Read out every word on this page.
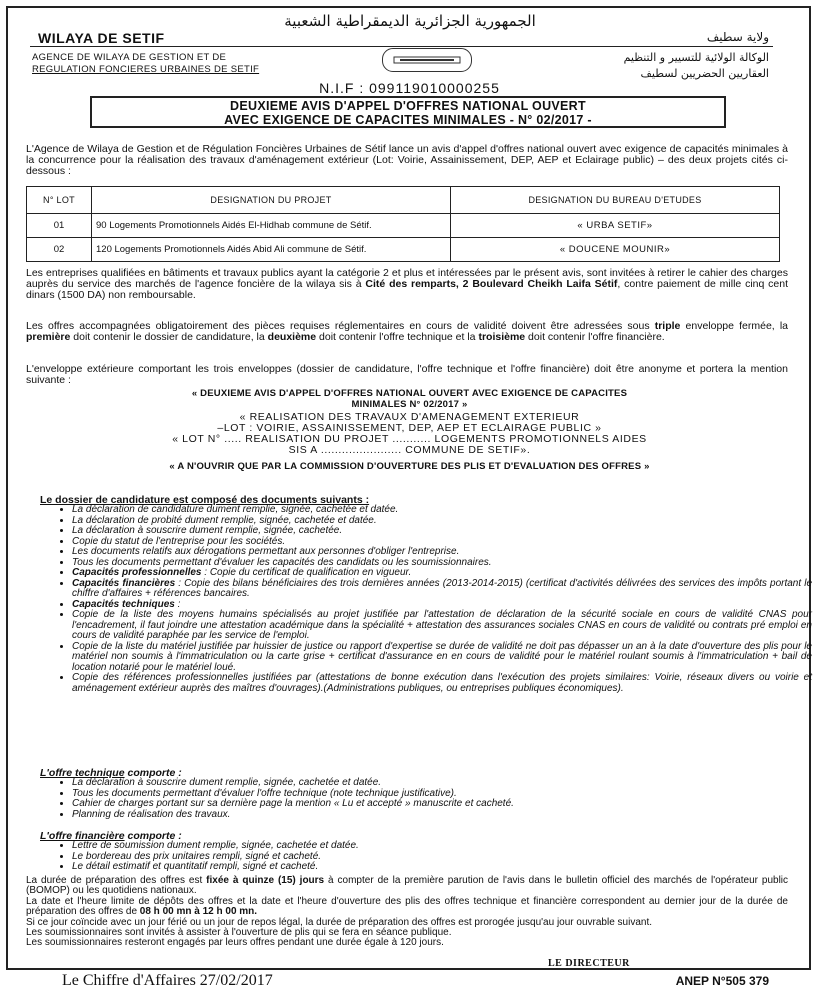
الجمهورية الجزائرية الديمقراطية الشعبية
WILAYA DE SETIF	ولاية سطيف
AGENCE DE WILAYA DE GESTION ET DE
REGULATION FONCIERES URBAINES DE SETIF
الوكالة الولائية للتسيير و التنظيم
العقاريين الحضريين لسطيف
N.I.F : 099119010000255
DEUXIEME AVIS D'APPEL D'OFFRES NATIONAL OUVERT
AVEC EXIGENCE DE CAPACITES MINIMALES - N° 02/2017 -
L'Agence de Wilaya de Gestion et de Régulation Foncières Urbaines de Sétif lance un avis d'appel d'offres national ouvert avec exigence de capacités minimales à la concurrence pour la réalisation des travaux d'aménagement extérieur (Lot: Voirie, Assainissement, DEP, AEP et Eclairage public) – des deux projets cités ci-dessous :
N° LOT	DESIGNATION DU PROJET	DESIGNATION DU BUREAU D'ETUDES
01	90 Logements Promotionnels Aidés El-Hidhab commune de Sétif.	« URBA SETIF»
02	120 Logements Promotionnels Aidés Abid Ali commune de Sétif.	« DOUCENE MOUNIR»
Les entreprises qualifiées en bâtiments et travaux publics ayant la catégorie 2 et plus et intéressées par le présent avis, sont invitées à retirer le cahier des charges auprès du service des marchés de l'agence foncière de la wilaya sis à Cité des remparts, 2 Boulevard Cheikh Laifa Sétif, contre paiement de mille cinq cent dinars (1500 DA) non remboursable.
Les offres accompagnées obligatoirement des pièces requises réglementaires en cours de validité doivent être adressées sous triple enveloppe fermée, la première doit contenir le dossier de candidature, la deuxième doit contenir l'offre technique et la troisième doit contenir l'offre financière.
L'enveloppe extérieure comportant les trois enveloppes (dossier de candidature, l'offre technique et l'offre financière) doit être anonyme et portera la mention suivante :
« DEUXIEME AVIS D'APPEL D'OFFRES NATIONAL OUVERT AVEC EXIGENCE DE CAPACITES
MINIMALES N° 02/2017 »
« REALISATION DES TRAVAUX D'AMENAGEMENT EXTERIEUR
–LOT : VOIRIE, ASSAINISSEMENT, DEP, AEP ET ECLAIRAGE PUBLIC »
« LOT N° ..... REALISATION DU PROJET ........... LOGEMENTS PROMOTIONNELS AIDES
SIS A ....................... COMMUNE DE SETIF».
« A N'OUVRIR QUE PAR LA COMMISSION D'OUVERTURE DES PLIS ET D'EVALUATION DES OFFRES »
Le dossier de candidature est composé des documents suivants :
• La déclaration de candidature dument remplie, signée, cachetée et datée.
• La déclaration de probité dument remplie, signée, cachetée et datée.
• La déclaration à souscrire dument remplie, signée, cachetée.
• Copie du statut de l'entreprise pour les sociétés.
• Les documents relatifs aux dérogations permettant aux personnes d'obliger l'entreprise.
• Tous les documents permettant d'évaluer les capacités des candidats ou les soumissionnaires.
• Capacités professionnelles : Copie du certificat de qualification en vigueur.
• Capacités financières : Copie des bilans bénéficiaires des trois dernières années (2013-2014-2015) (certificat d'activités délivrées des services des impôts portant le chiffre d'affaires + références bancaires.
• Capacités techniques :
• Copie de la liste des moyens humains spécialisés au projet justifiée par l'attestation de déclaration de la sécurité sociale en cours de validité CNAS pour l'encadrement, il faut joindre une attestation académique dans la spécialité + attestation des assurances sociales CNAS en cours de validité ou contrats pré emploi en cours de validité paraphée par les service de l'emploi.
• Copie de la liste du matériel justifiée par huissier de justice ou rapport d'expertise se durée de validité ne doit pas dépasser un an à la date d'ouverture des plis pour le matériel non soumis à l'immatriculation ou la carte grise + certificat d'assurance en en cours de validité pour le matériel roulant soumis à l'immatriculation + bail de location notarié pour le matériel loué.
• Copie des références professionnelles justifiées par (attestations de bonne exécution dans l'exécution des projets similaires: Voirie, réseaux divers ou voirie et aménagement extérieur auprès des maîtres d'ouvrages).(Administrations publiques, ou entreprises publiques économiques).
L'offre technique comporte :
• La déclaration à souscrire dument remplie, signée, cachetée et datée.
• Tous les documents permettant d'évaluer l'offre technique (note technique justificative).
• Cahier de charges portant sur sa dernière page la mention « Lu et accepté » manuscrite et cacheté.
• Planning de réalisation des travaux.
L'offre financière comporte :
• Lettre de soumission dument remplie, signée, cachetée et datée.
• Le bordereau des prix unitaires rempli, signé et cacheté.
• Le détail estimatif et quantitatif rempli, signé et cacheté.
La durée de préparation des offres est fixée à quinze (15) jours à compter de la première parution de l'avis dans le bulletin officiel des marchés de l'opérateur public (BOMOP) ou les quotidiens nationaux.
La date et l'heure limite de dépôts des offres et la date et l'heure d'ouverture des plis des offres technique et financière correspondent au dernier jour de la durée de préparation des offres de 08 h 00 mn à 12 h 00 mn.
Si ce jour coïncide avec un jour férié ou un jour de repos légal, la durée de préparation des offres est prorogée jusqu'au jour ouvrable suivant.
Les soumissionnaires sont invités à assister à l'ouverture de plis qui se fera en séance publique.
Les soumissionnaires resteront engagés par leurs offres pendant une durée égale à 120 jours.
LE DIRECTEUR
Le Chiffre d'Affaires 27/02/2017	ANEP N°505 379
